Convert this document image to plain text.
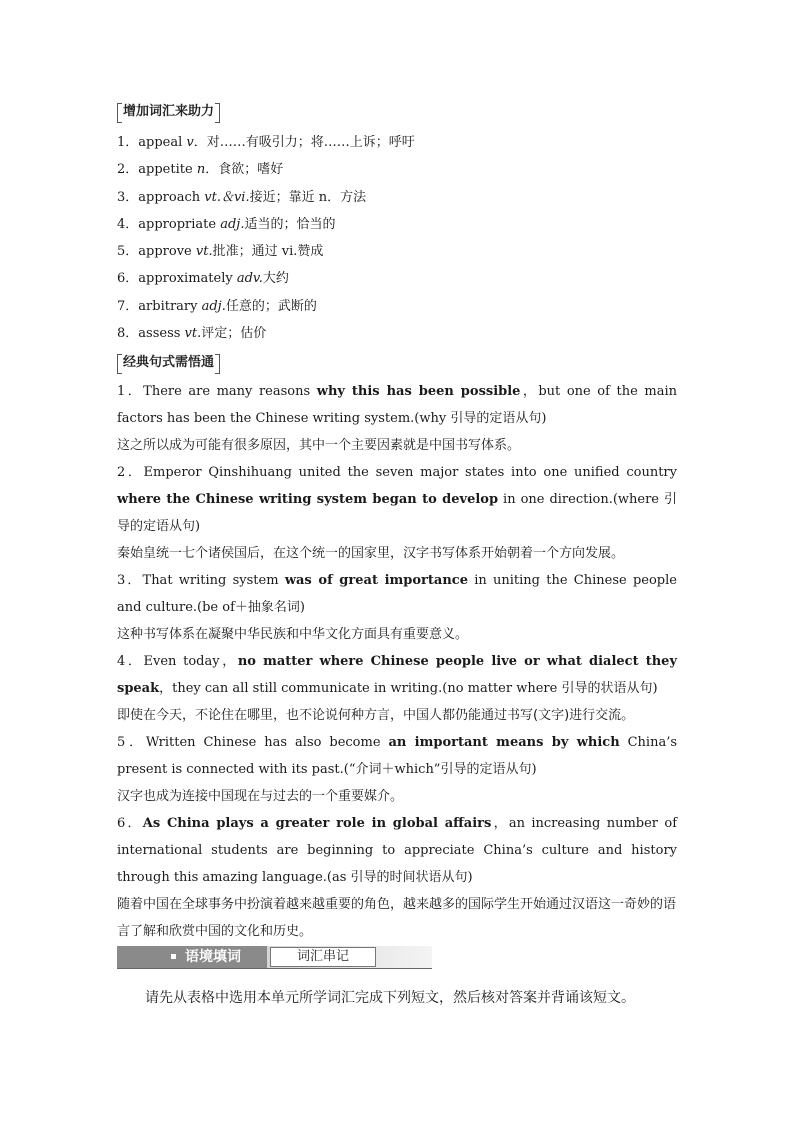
增加词汇来助力
1．appeal v．对……有吸引力；将……上诉；呼吁
2．appetite n．食欲；嗜好
3．approach vt.＆vi.接近；靠近 n．方法
4．appropriate adj.适当的；恰当的
5．approve vt.批准；通过 vi.赞成
6．approximately adv.大约
7．arbitrary adj.任意的；武断的
8．assess vt.评定；估价
经典句式需悟通
1．There are many reasons why this has been possible，but one of the main factors has been the Chinese writing system.(why 引导的定语从句)
这之所以成为可能有很多原因，其中一个主要因素就是中国书写体系。
2．Emperor Qinshihuang united the seven major states into one unified country where the Chinese writing system began to develop in one direction.(where 引导的定语从句)
秦始皇统一七个诸侯国后，在这个统一的国家里，汉字书写体系开始朝着一个方向发展。
3．That writing system was of great importance in uniting the Chinese people and culture.(be of＋抽象名词)
这种书写体系在凝聚中华民族和中华文化方面具有重要意义。
4．Even today，no matter where Chinese people live or what dialect they speak，they can all still communicate in writing.(no matter where 引导的状语从句)
即使在今天，不论住在哪里，也不论说何种方言，中国人都仍能通过书写(文字)进行交流。
5．Written Chinese has also become an important means by which China’s present is connected with its past.(“介词＋which”引导的定语从句)
汉字也成为连接中国现在与过去的一个重要媒介。
6．As China plays a greater role in global affairs，an increasing number of international students are beginning to appreciate China’s culture and history through this amazing language.(as 引导的时间状语从句)
随着中国在全球事务中扮演着越来越重要的角色，越来越多的国际学生开始通过汉语这一奇妙的语言了解和欣赏中国的文化和历史。
语境填词	词汇串记
请先从表格中选用本单元所学词汇完成下列短文，然后核对答案并背诵该短文。
